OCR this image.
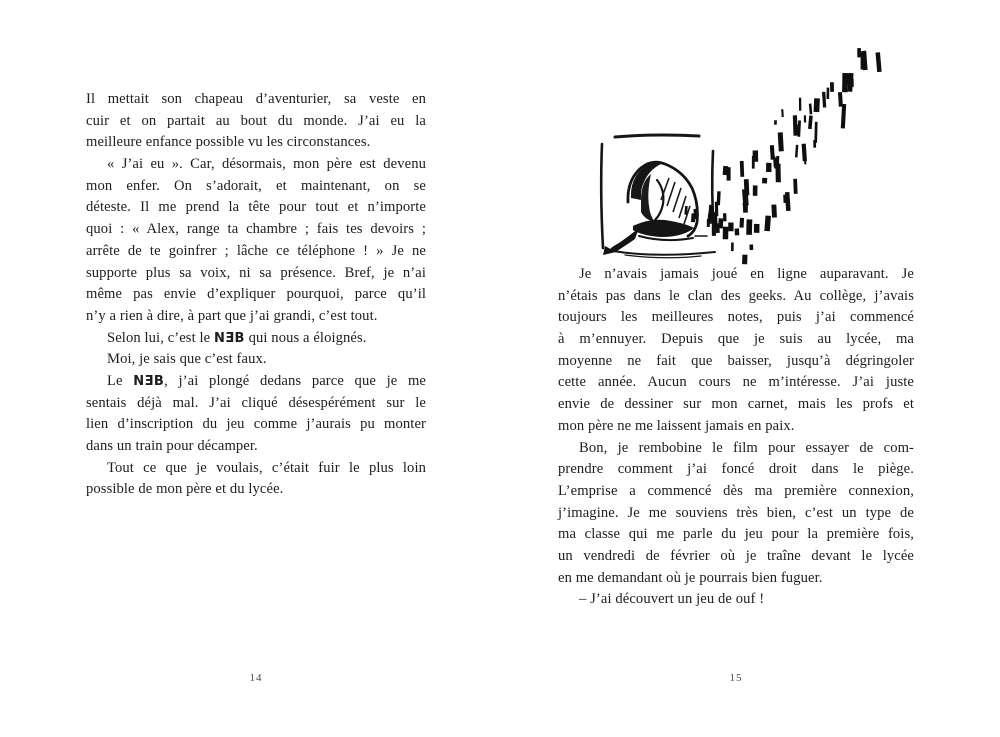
Il mettait son chapeau d’aventurier, sa veste en
cuir et on partait au bout du monde. J’ai eu la
meilleure enfance possible vu les circonstances.
« J’ai eu ». Car, désormais, mon père est devenu
mon enfer. On s’adorait, et maintenant, on se
déteste. Il me prend la tête pour tout et n’importe
quoi : « Alex, range ta chambre ; fais tes devoirs ;
arrête de te goinfrer ; lâche ce téléphone ! » Je ne
supporte plus sa voix, ni sa présence. Bref, je n’ai
même pas envie d’expliquer pourquoi, parce qu’il
n’y a rien à dire, à part que j’ai grandi, c’est tout.
Selon lui, c’est le NƎB qui nous a éloignés.
Moi, je sais que c’est faux.
Le NƎB, j’ai plongé dedans parce que je me
sentais déjà mal. J’ai cliqué désespérément sur le
lien d’inscription du jeu comme j’aurais pu monter
dans un train pour décamper.
Tout ce que je voulais, c’était fuir le plus loin
possible de mon père et du lycée.
14
Je n’avais jamais joué en ligne auparavant. Je
n’étais pas dans le clan des geeks. Au collège, j’avais
toujours les meilleures notes, puis j’ai commencé
à m’ennuyer. Depuis que je suis au lycée, ma
moyenne ne fait que baisser, jusqu’à dégringoler
cette année. Aucun cours ne m’intéresse. J’ai juste
envie de dessiner sur mon carnet, mais les profs et
mon père ne me laissent jamais en paix.
Bon, je rembobine le film pour essayer de com-
prendre comment j’ai foncé droit dans le piège.
L’emprise a commencé dès ma première connexion,
j’imagine. Je me souviens très bien, c’est un type de
ma classe qui me parle du jeu pour la première fois,
un vendredi de février où je traîne devant le lycée
en me demandant où je pourrais bien fuguer.
– J’ai découvert un jeu de ouf !
15
